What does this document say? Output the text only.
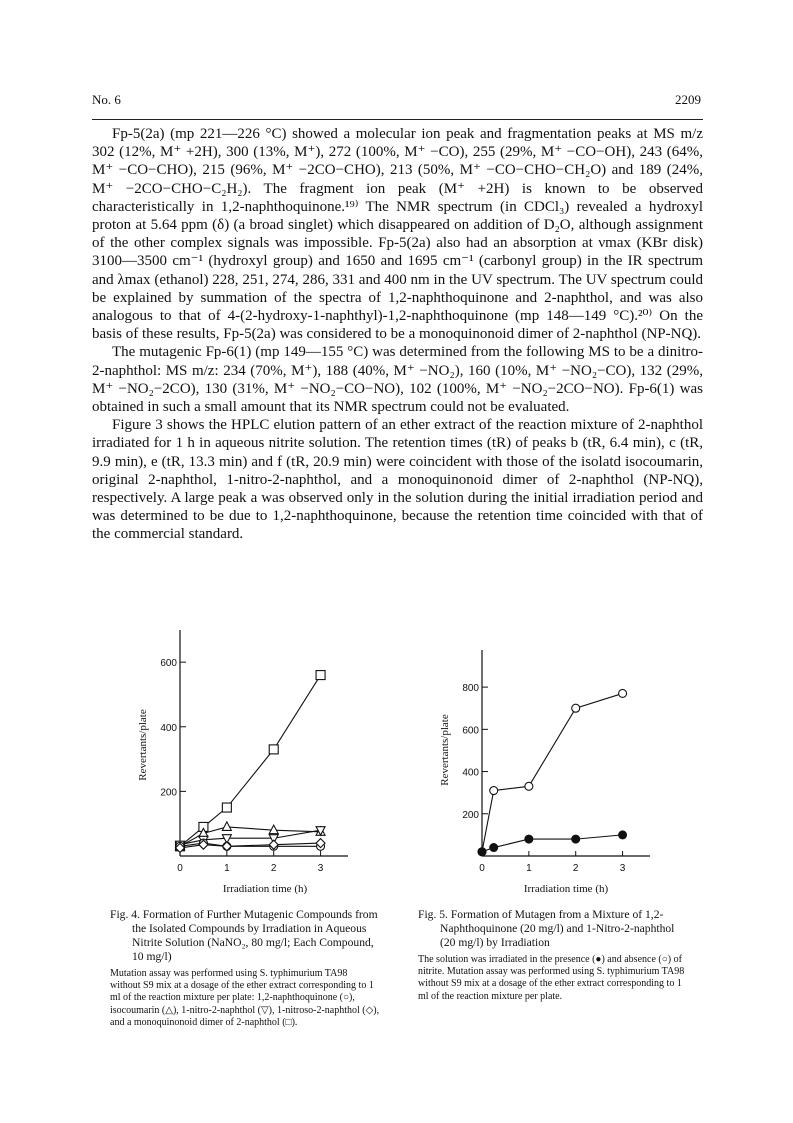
No. 6	2209

Fp-5(2a) (mp 221—226 °C) showed a molecular ion peak and fragmentation peaks at MS m/z 302 (12%, M⁺ +2H), 300 (13%, M⁺), 272 (100%, M⁺ −CO), 255 (29%, M⁺ −CO−OH), 243 (64%, M⁺ −CO−CHO), 215 (96%, M⁺ −2CO−CHO), 213 (50%, M⁺ −CO−CHO−CH₂O) and 189 (24%, M⁺ −2CO−CHO−C₂H₂). The fragment ion peak (M⁺ +2H) is known to be observed characteristically in 1,2-naphthoquinone.¹⁹⁾ The NMR spectrum (in CDCl₃) revealed a hydroxyl proton at 5.64 ppm (δ) (a broad singlet) which disappeared on addition of D₂O, although assignment of the other complex signals was impossible. Fp-5(2a) also had an absorption at νmax (KBr disk) 3100—3500 cm⁻¹ (hydroxyl group) and 1650 and 1695 cm⁻¹ (carbonyl group) in the IR spectrum and λmax (ethanol) 228, 251, 274, 286, 331 and 400 nm in the UV spectrum. The UV spectrum could be explained by summation of the spectra of 1,2-naphthoquinone and 2-naphthol, and was also analogous to that of 4-(2-hydroxy-1-naphthyl)-1,2-naphthoquinone (mp 148—149 °C).²⁰⁾ On the basis of these results, Fp-5(2a) was considered to be a monoquinonoid dimer of 2-naphthol (NP-NQ).

The mutagenic Fp-6(1) (mp 149—155 °C) was determined from the following MS to be a dinitro-2-naphthol: MS m/z: 234 (70%, M⁺), 188 (40%, M⁺ −NO₂), 160 (10%, M⁺ −NO₂−CO), 132 (29%, M⁺ −NO₂−2CO), 130 (31%, M⁺ −NO₂−CO−NO), 102 (100%, M⁺ −NO₂−2CO−NO). Fp-6(1) was obtained in such a small amount that its NMR spectrum could not be evaluated.

Figure 3 shows the HPLC elution pattern of an ether extract of the reaction mixture of 2-naphthol irradiated for 1 h in aqueous nitrite solution. The retention times (tR) of peaks b (tR, 6.4 min), c (tR, 9.9 min), e (tR, 13.3 min) and f (tR, 20.9 min) were coincident with those of the isolatd isocoumarin, original 2-naphthol, 1-nitro-2-naphthol, and a monoquinonoid dimer of 2-naphthol (NP-NQ), respectively. A large peak a was observed only in the solution during the initial irradiation period and was determined to be due to 1,2-naphthoquinone, because the retention time coincided with that of the commercial standard.

0	1	2	3
200
400
600
Revertants/plate
Irradiation time (h)
0	1	2	3
200
400
600
800
Revertants/plate
Irradiation time (h)
Fig. 4. Formation of Further Mutagenic Compounds from the Isolated Compounds by Irradiation in Aqueous Nitrite Solution (NaNO₂, 80 mg/l; Each Compound, 10 mg/l)
Mutation assay was performed using S. typhimurium TA98 without S9 mix at a dosage of the ether extract corresponding to 1 ml of the reaction mixture per plate: 1,2-naphthoquinone (○), isocoumarin (△), 1-nitro-2-naphthol (▽), 1-nitroso-2-naphthol (◇), and a monoquinonoid dimer of 2-naphthol (□).
Fig. 5. Formation of Mutagen from a Mixture of 1,2-Naphthoquinone (20 mg/l) and 1-Nitro-2-naphthol (20 mg/l) by Irradiation
The solution was irradiated in the presence (●) and absence (○) of nitrite. Mutation assay was performed using S. typhimurium TA98 without S9 mix at a dosage of the ether extract corresponding to 1 ml of the reaction mixture per plate.
